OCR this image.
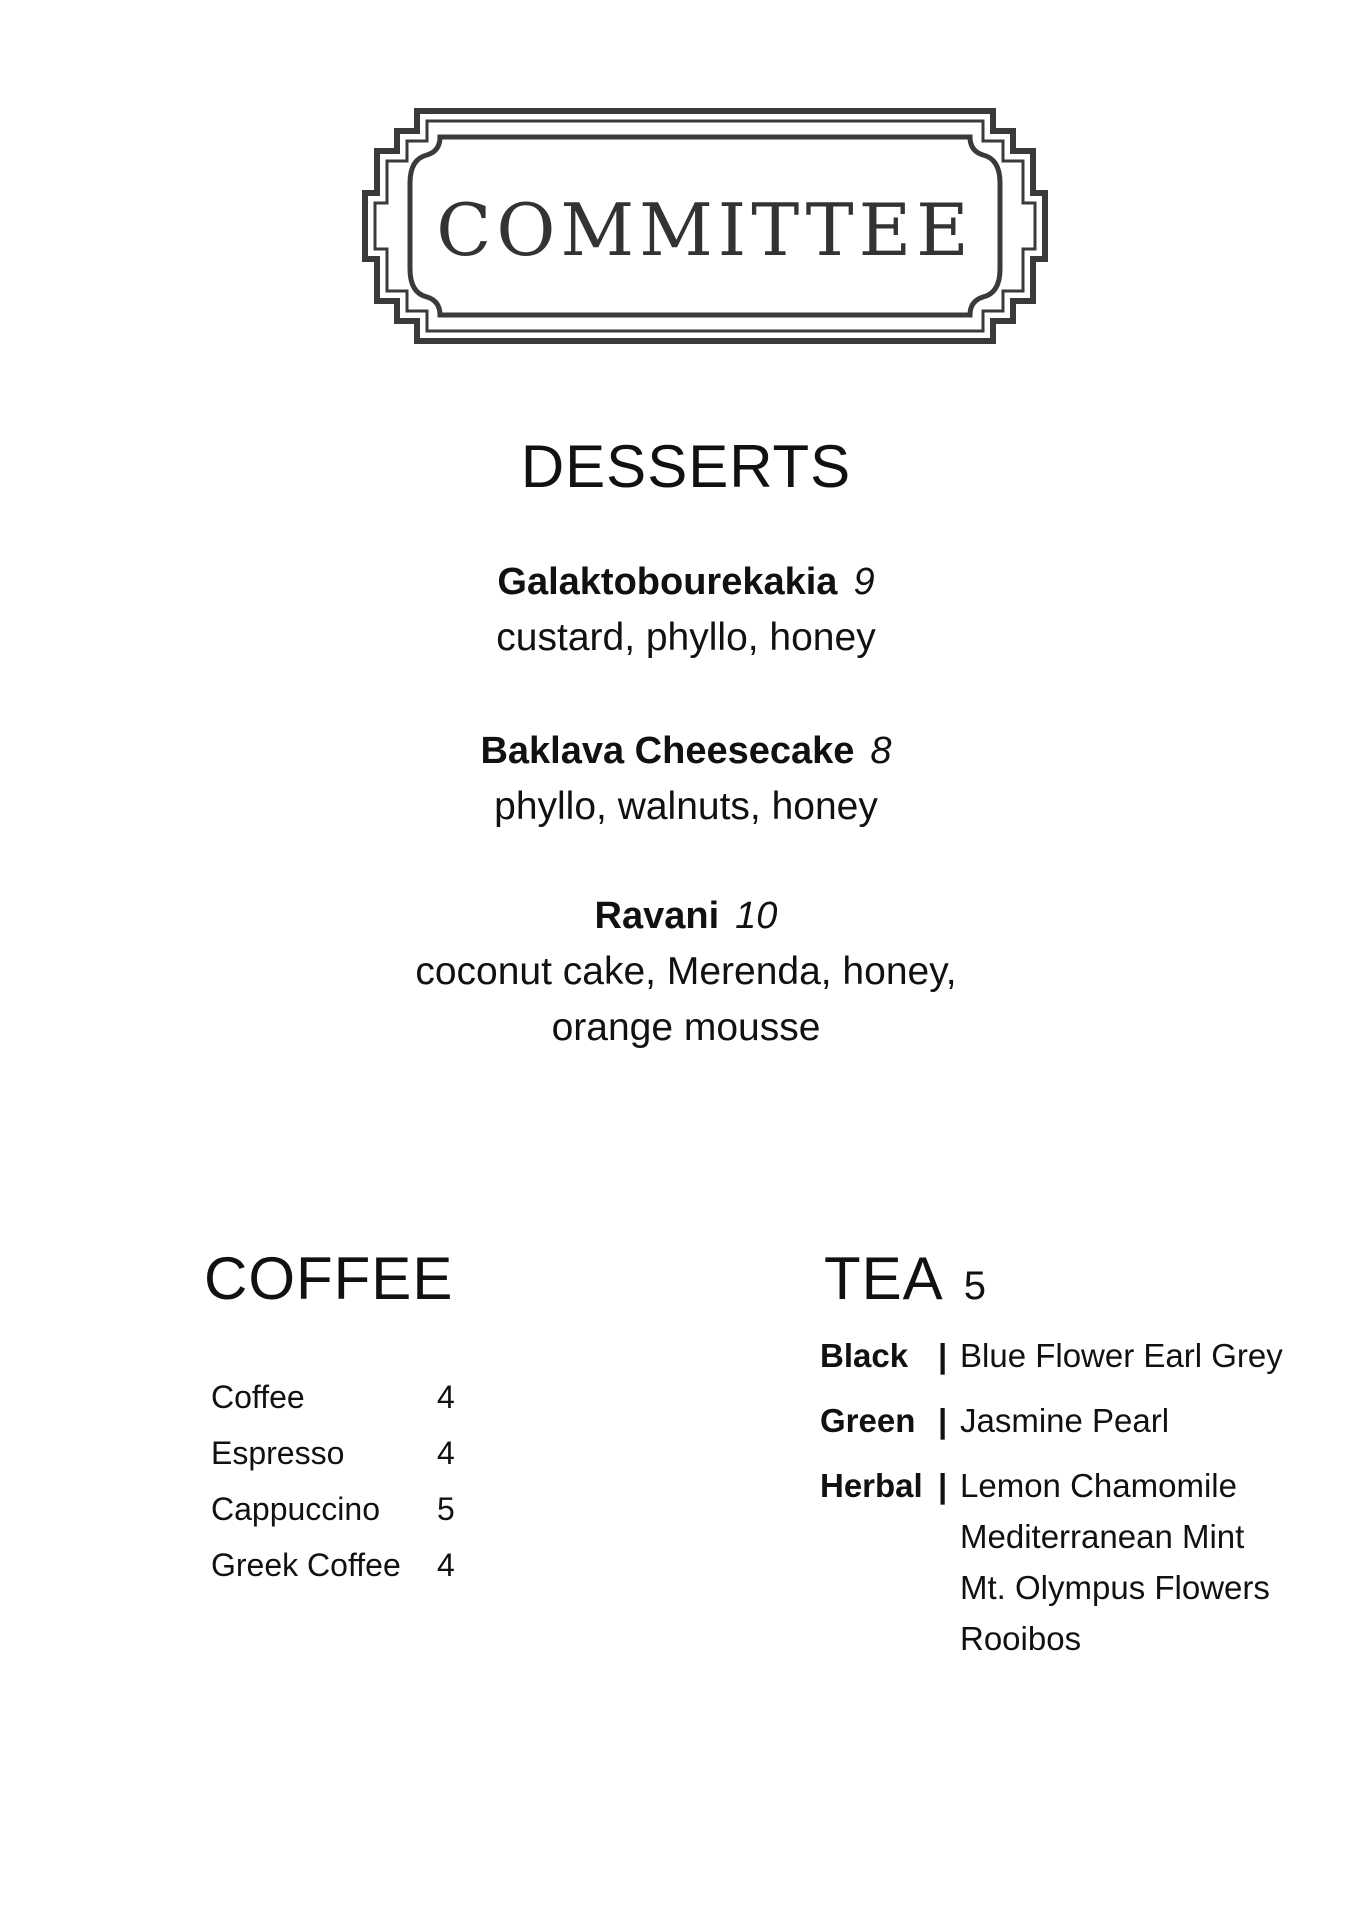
COMMITTEE
DESSERTS
Galaktobourekakia 9
custard, phyllo, honey
Baklava Cheesecake 8
phyllo, walnuts, honey
Ravani 10
coconut cake, Merenda, honey,
orange mousse
COFFEE
Coffee	4
Espresso	4
Cappuccino	5
Greek Coffee	4
TEA 5
Black | Blue Flower Earl Grey
Green | Jasmine Pearl
Herbal | Lemon Chamomile
Mediterranean Mint
Mt. Olympus Flowers
Rooibos
